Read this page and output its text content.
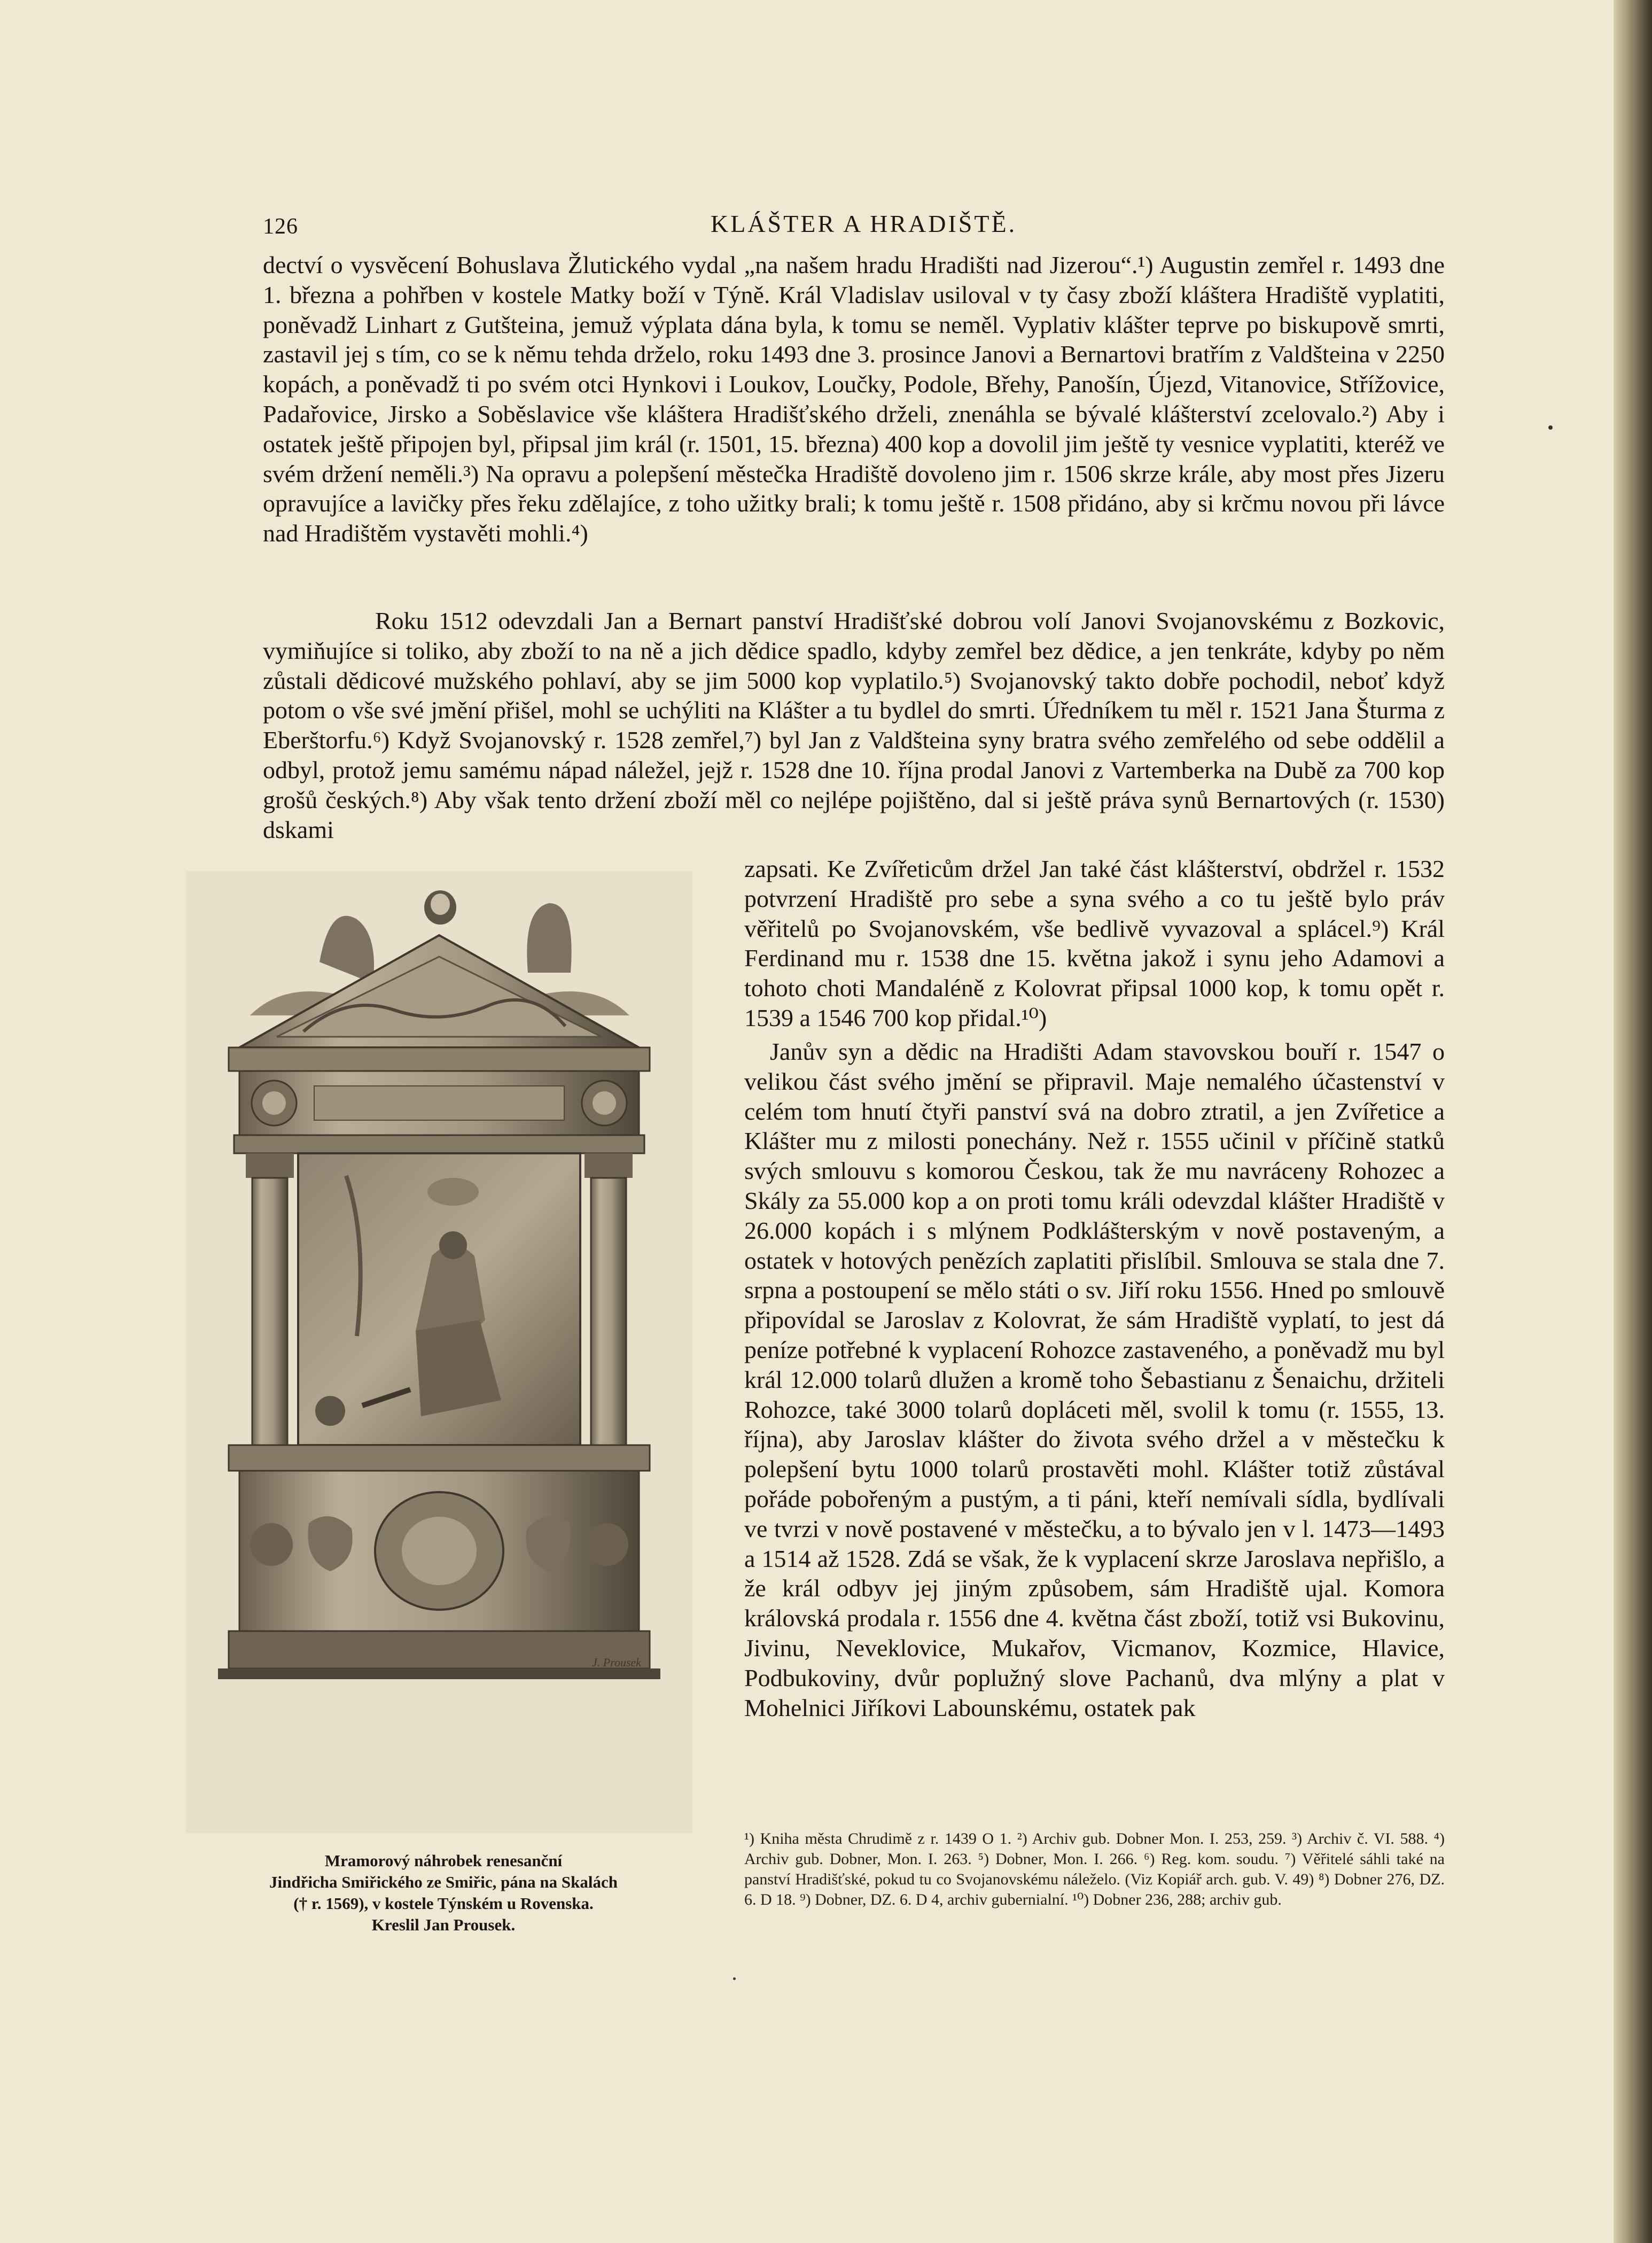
126	KLÁŠTER A HRADIŠTĚ.

dectví o vysvěcení Bohuslava Žlutického vydal „na našem hradu Hradišti nad Jizerou“.¹) Augustin zemřel r. 1493 dne 1. března a pohřben v kostele Matky boží v Týně. Král Vladislav usiloval v ty časy zboží kláštera Hradiště vyplatiti, poněvadž Linhart z Gutšteina, jemuž výplata dána byla, k tomu se neměl. Vyplativ klášter teprve po biskupově smrti, zastavil jej s tím, co se k němu tehda drželo, roku 1493 dne 3. prosince Janovi a Bernartovi bratřím z Valdšteina v 2250 kopách, a poněvadž ti po svém otci Hynkovi i Loukov, Loučky, Podole, Břehy, Panošín, Újezd, Vitanovice, Střížovice, Padařovice, Jirsko a Soběslavice vše kláštera Hradišťského drželi, znenáhla se bývalé klášterství zcelovalo.²) Aby i ostatek ještě připojen byl, připsal jim král (r. 1501, 15. března) 400 kop a dovolil jim ještě ty vesnice vyplatiti, kteréž ve svém držení neměli.³) Na opravu a polepšení městečka Hradiště dovoleno jim r. 1506 skrze krále, aby most přes Jizeru opravujíce a lavičky přes řeku zdělajíce, z toho užitky brali; k tomu ještě r. 1508 přidáno, aby si krčmu novou při lávce nad Hradištěm vystavěti mohli.⁴)

Roku 1512 odevzdali Jan a Bernart panství Hradišťské dobrou volí Janovi Svojanovskému z Bozkovic, vymiňujíce si toliko, aby zboží to na ně a jich dědice spadlo, kdyby zemřel bez dědice, a jen tenkráte, kdyby po něm zůstali dědicové mužského pohlaví, aby se jim 5000 kop vyplatilo.⁵) Svojanovský takto dobře pochodil, neboť když potom o vše své jmění přišel, mohl se uchýliti na Klášter a tu bydlel do smrti. Úředníkem tu měl r. 1521 Jana Šturma z Eberštorfu.⁶) Když Svojanovský r. 1528 zemřel,⁷) byl Jan z Valdšteina syny bratra svého zemřelého od sebe oddělil a odbyl, protož jemu samému nápad náležel, jejž r. 1528 dne 10. října prodal Janovi z Vartemberka na Dubě za 700 kop grošů českých.⁸) Aby však tento držení zboží měl co nejlépe pojištěno, dal si ještě práva synů Bernartových (r. 1530) dskami

zapsati. Ke Zvířeticům držel Jan také část klášterství, obdržel r. 1532 potvrzení Hradiště pro sebe a syna svého a co tu ještě bylo práv věřitelů po Svojanovském, vše bedlivě vyvazoval a splácel.⁹) Král Ferdinand mu r. 1538 dne 15. května jakož i synu jeho Adamovi a tohoto choti Mandaléně z Kolovrat připsal 1000 kop, k tomu opět r. 1539 a 1546 700 kop přidal.¹⁰)

Janův syn a dědic na Hradišti Adam stavovskou bouří r. 1547 o velikou část svého jmění se připravil. Maje nemalého účastenství v celém tom hnutí čtyři panství svá na dobro ztratil, a jen Zvířetice a Klášter mu z milosti ponechány. Než r. 1555 učinil v příčině statků svých smlouvu s komorou Českou, tak že mu navráceny Rohozec a Skály za 55.000 kop a on proti tomu králi odevzdal klášter Hradiště v 26.000 kopách i s mlýnem Podklášterským v nově postaveným, a ostatek v hotových penězích zaplatiti přislíbil. Smlouva se stala dne 7. srpna a postoupení se mělo státi o sv. Jiří roku 1556. Hned po smlouvě připovídal se Jaroslav z Kolovrat, že sám Hradiště vyplatí, to jest dá peníze potřebné k vyplacení Rohozce zastaveného, a poněvadž mu byl král 12.000 tolarů dlužen a kromě toho Šebastianu z Šenaichu, držiteli Rohozce, také 3000 tolarů dopláceti měl, svolil k tomu (r. 1555, 13. října), aby Jaroslav klášter do života svého držel a v městečku k polepšení bytu 1000 tolarů prostavěti mohl. Klášter totiž zůstával pořáde pobořeným a pustým, a ti páni, kteří nemívali sídla, bydlívali ve tvrzi v nově postavené v městečku, a to bývalo jen v l. 1473—1493 a 1514 až 1528. Zdá se však, že k vyplacení skrze Jaroslava nepřišlo, a že král odbyv jej jiným způsobem, sám Hradiště ujal. Komora královská prodala r. 1556 dne 4. května část zboží, totiž vsi Bukovinu, Jivinu, Neveklovice, Mukařov, Vicmanov, Kozmice, Hlavice, Podbukoviny, dvůr poplužný slove Pachanů, dva mlýny a plat v Mohelnici Jiříkovi Labounskému, ostatek pak

J. Prousek
Mramorový náhrobek renesanční
Jindřicha Smiřického ze Smiřic, pána na Skalách
(† r. 1569), v kostele Týnském u Rovenska.
Kreslil Jan Prousek.
¹) Kniha města Chrudimě z r. 1439 O 1. ²) Archiv gub. Dobner Mon. I. 253, 259. ³) Archiv č. VI. 588. ⁴) Archiv gub. Dobner, Mon. I. 263. ⁵) Dobner, Mon. I. 266. ⁶) Reg. kom. soudu. ⁷) Věřitelé sáhli také na panství Hradišťské, pokud tu co Svojanovskému náleželo. (Viz Kopiář arch. gub. V. 49) ⁸) Dobner 276, DZ. 6. D 18. ⁹) Dobner, DZ. 6. D 4, archiv gubernialní. ¹⁰) Dobner 236, 288; archiv gub.
